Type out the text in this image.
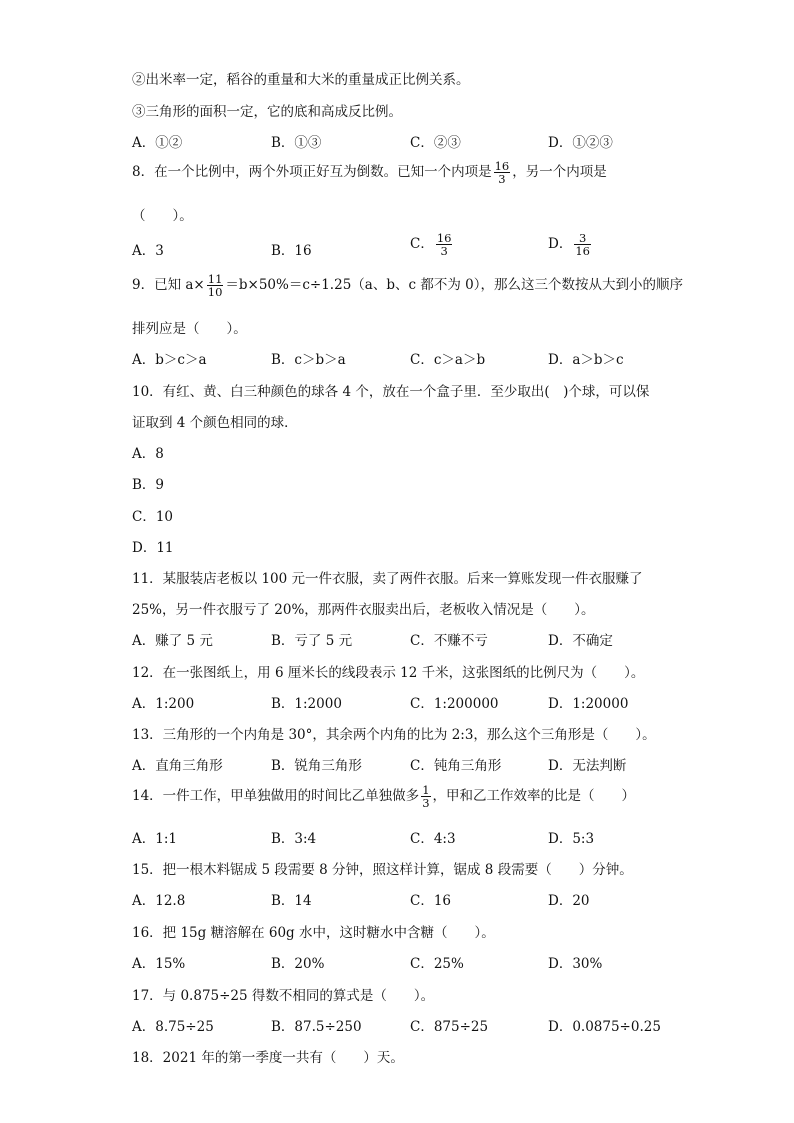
②出米率一定，稻谷的重量和大米的重量成正比例关系。
③三角形的面积一定，它的底和高成反比例。
A．①②	B．①③	C．②③	D．①②③
8．在一个比例中，两个外项正好互为倒数。已知一个内项是 $\frac{16}{3}$ ，另一个内项是
（　　）。
A．3	B．16	C． $\frac{16}{3}$	D． $\frac{3}{16}$
9．已知 $a\times \frac{11}{10} =b\times 50\%=c\div 1.25(a$、b、c 都不为 0），那么这三个数按从大到小的顺序
排列应是（　　）。
A．b＞c＞a	B．c＞b＞a	C．c＞a＞b	D．a＞b＞c
10．有红、黄、白三种颜色的球各 4 个，放在一个盒子里．至少取出(　)个球，可以保
证取到 4 个颜色相同的球．
A．8
B．9
C．10
D．11
11．某服装店老板以 100 元一件衣服，卖了两件衣服。后来一算账发现一件衣服赚了
25%，另一件衣服亏了 20%，那两件衣服卖出后，老板收入情况是（　　）。
A．赚了 5 元	B．亏了 5 元	C．不赚不亏	D．不确定
12．在一张图纸上，用 6 厘米长的线段表示 12 千米，这张图纸的比例尺为（　　）。
A．1:200	B．1:2000	C．1:200000	D．1:20000
13．三角形的一个内角是 30°，其余两个内角的比为 2:3，那么这个三角形是（　　）。
A．直角三角形	B．锐角三角形	C．钝角三角形	D．无法判断
14．一件工作，甲单独做用的时间比乙单独做多 $\frac{1}{3}$ ，甲和乙工作效率的比是（　　）
A．1:1	B．3:4	C．4:3	D．5:3
15．把一根木料锯成 5 段需要 8 分钟，照这样计算，锯成 8 段需要（　　）分钟。
A．12.8	B．14	C．16	D．20
16．把 15g 糖溶解在 60g 水中，这时糖水中含糖（　　）。
A．15%	B．20%	C．25%	D．30%
17．与 0.875÷25 得数不相同的算式是（　　）。
A．8.75÷25	B．87.5÷250	C．875÷25	D．0.0875÷0.25
18．2021 年的第一季度一共有（　　）天。
